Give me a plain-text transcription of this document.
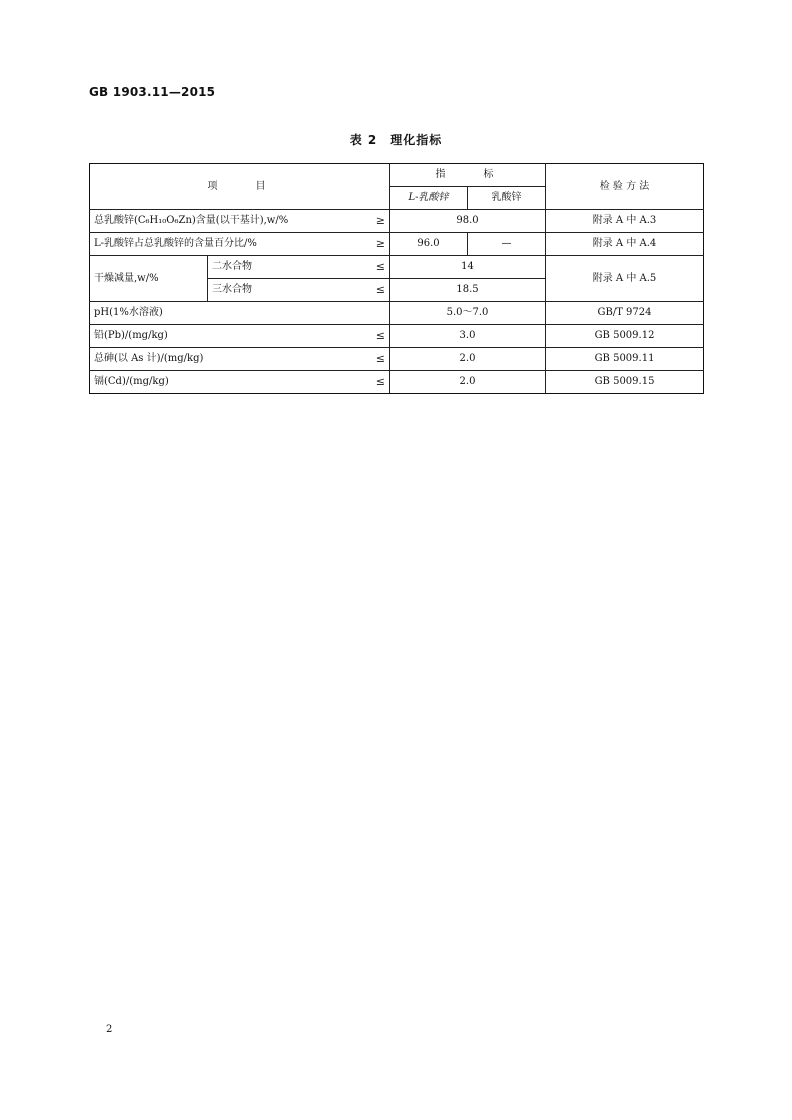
GB 1903.11—2015
表 2　理化指标
项　　目		指　　标		检 验 方 法
		L-乳酸锌	乳酸锌	

总乳酸锌(C₆H₁₀O₆Zn)含量(以干基计),w/% ≥		98.0		附录 A 中 A.3

L-乳酸锌占总乳酸锌的含量百分比/% ≥		96.0	—	附录 A 中 A.4
干燥减量,w/%	二水合物 ≤	14		附录 A 中 A.5

	三水合物 ≤	18.5		
pH(1%水溶液)		5.0～7.0		GB/T 9724

铅(Pb)/(mg/kg) ≤		3.0		GB 5009.12

总砷(以 As 计)/(mg/kg) ≤		2.0		GB 5009.11

镉(Cd)/(mg/kg) ≤		2.0		GB 5009.15
2
